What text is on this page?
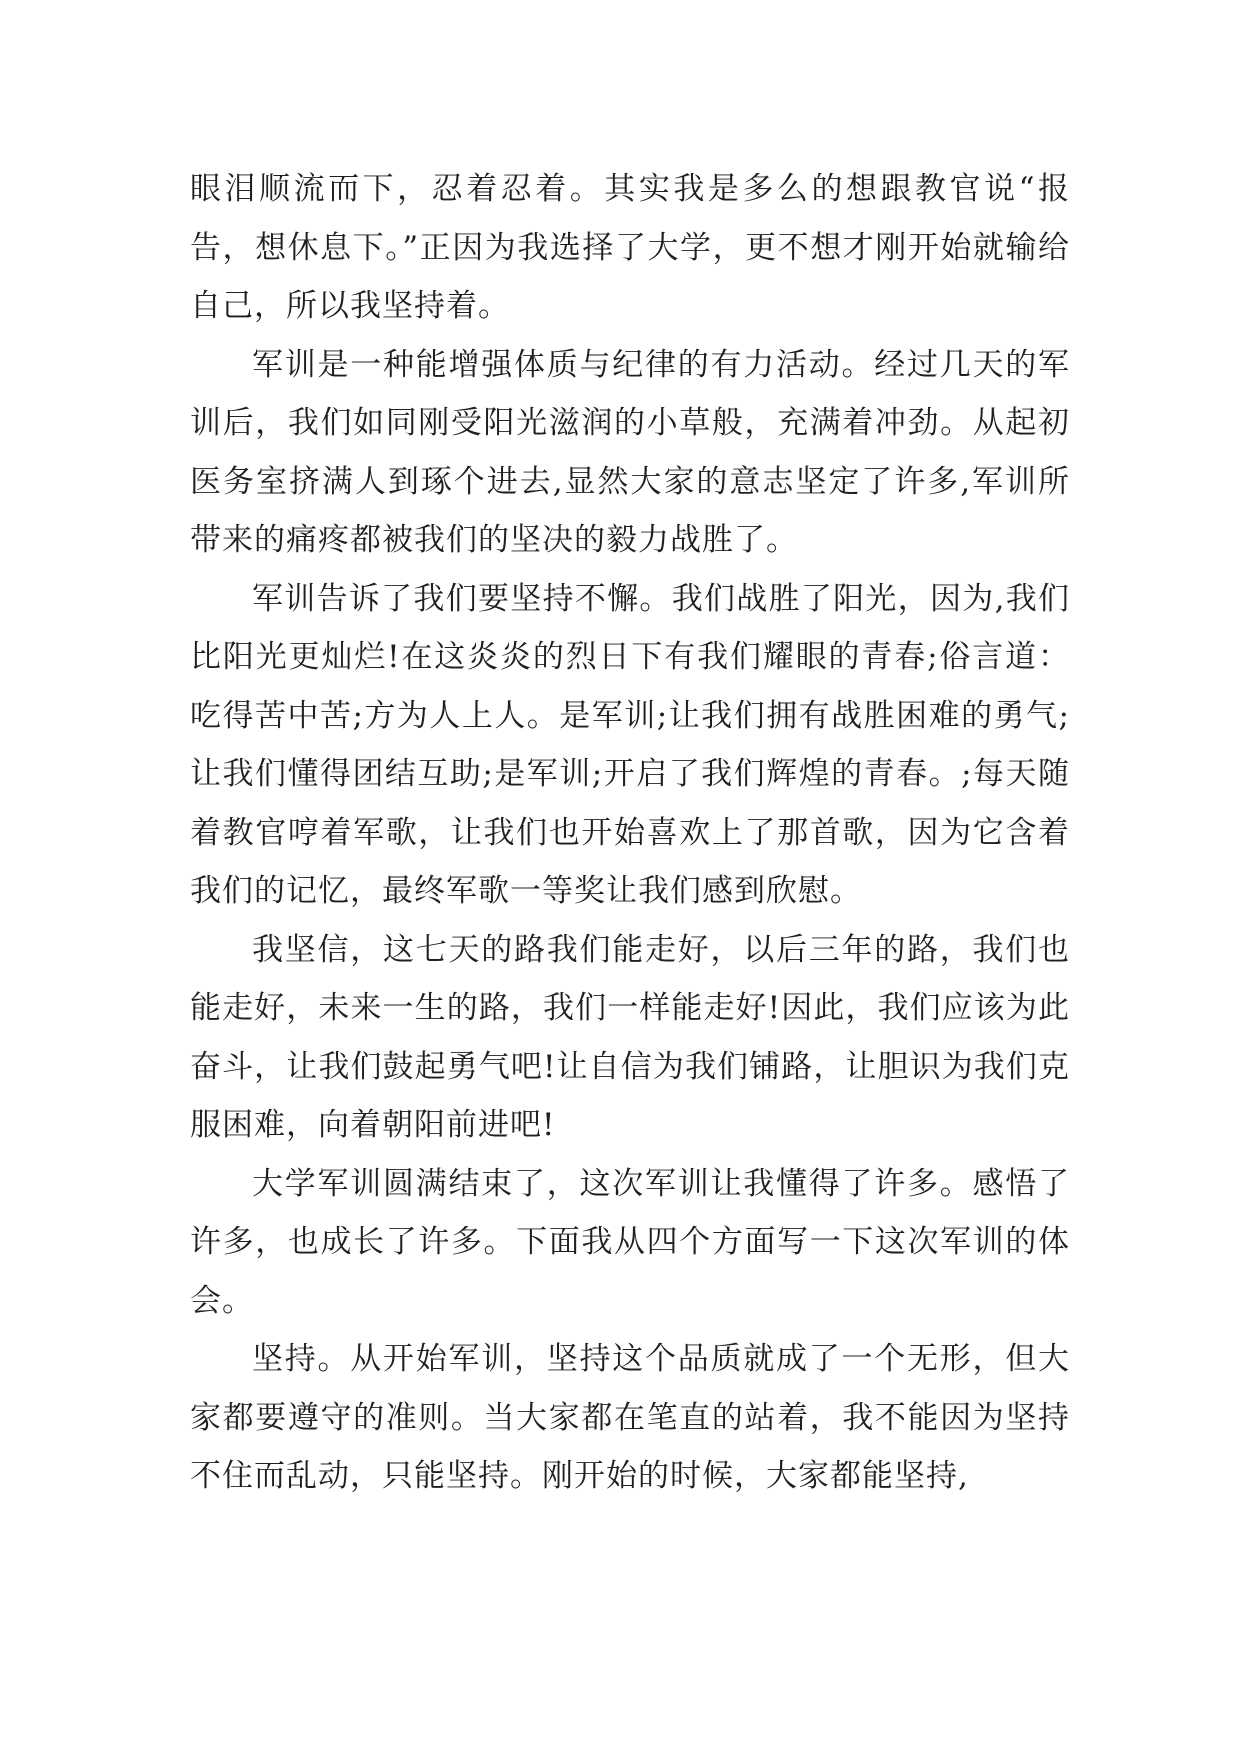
眼泪顺流而下，忍着忍着。其实我是多么的想跟教官说“报告，想休息下。”正因为我选择了大学，更不想才刚开始就输给自己，所以我坚持着。

军训是一种能增强体质与纪律的有力活动。经过几天的军训后，我们如同刚受阳光滋润的小草般，充满着冲劲。从起初医务室挤满人到琢个进去,显然大家的意志坚定了许多,军训所带来的痛疼都被我们的坚决的毅力战胜了。

军训告诉了我们要坚持不懈。我们战胜了阳光，因为,我们比阳光更灿烂!在这炎炎的烈日下有我们耀眼的青春;俗言道：吃得苦中苦;方为人上人。是军训;让我们拥有战胜困难的勇气;让我们懂得团结互助;是军训;开启了我们辉煌的青春。;每天随着教官哼着军歌，让我们也开始喜欢上了那首歌，因为它含着我们的记忆，最终军歌一等奖让我们感到欣慰。

我坚信，这七天的路我们能走好，以后三年的路，我们也能走好，未来一生的路，我们一样能走好!因此，我们应该为此奋斗，让我们鼓起勇气吧!让自信为我们铺路，让胆识为我们克服困难，向着朝阳前进吧!

大学军训圆满结束了，这次军训让我懂得了许多。感悟了许多，也成长了许多。下面我从四个方面写一下这次军训的体会。

坚持。从开始军训，坚持这个品质就成了一个无形，但大家都要遵守的准则。当大家都在笔直的站着，我不能因为坚持不住而乱动，只能坚持。刚开始的时候，大家都能坚持,
